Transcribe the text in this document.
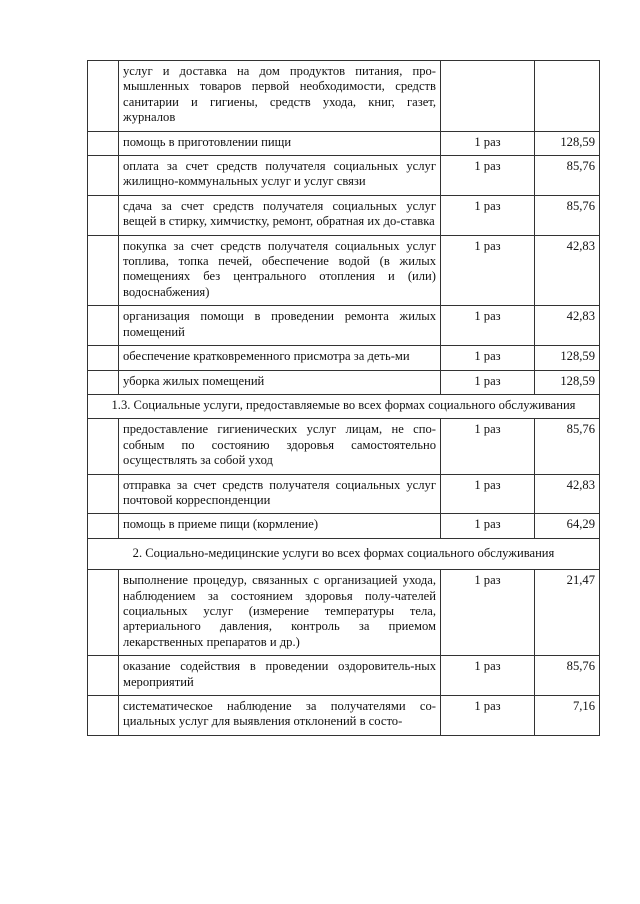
	услуг и доставка на дом продуктов питания, про-мышленных товаров первой необходимости, средств санитарии и гигиены, средств ухода, книг, газет, журналов		
	помощь в приготовлении пищи	1 раз	128,59
	оплата за счет средств получателя социальных услуг жилищно-коммунальных услуг и услуг связи	1 раз	85,76
	сдача за счет средств получателя социальных услуг вещей в стирку, химчистку, ремонт, обратная их до-ставка	1 раз	85,76
	покупка за счет средств получателя социальных услуг топлива, топка печей, обеспечение водой (в жилых помещениях без центрального отопления и (или) водоснабжения)	1 раз	42,83
	организация помощи в проведении ремонта жилых помещений	1 раз	42,83
	обеспечение кратковременного присмотра за деть-ми	1 раз	128,59
	уборка жилых помещений	1 раз	128,59
1.3. Социальные услуги, предоставляемые во всех формах социального обслуживания			
	предоставление гигиенических услуг лицам, не спо-собным по состоянию здоровья самостоятельно осуществлять за собой уход	1 раз	85,76
	отправка за счет средств получателя социальных услуг почтовой корреспонденции	1 раз	42,83
	помощь в приеме пищи (кормление)	1 раз	64,29
2. Социально-медицинские услуги во всех формах социального обслуживания			
	выполнение процедур, связанных с организацией ухода, наблюдением за состоянием здоровья полу-чателей социальных услуг (измерение температуры тела, артериального давления, контроль за приемом лекарственных препаратов и др.)	1 раз	21,47
	оказание содействия в проведении оздоровитель-ных мероприятий	1 раз	85,76
	систематическое наблюдение за получателями со-циальных услуг для выявления отклонений в состо-	1 раз	7,16
